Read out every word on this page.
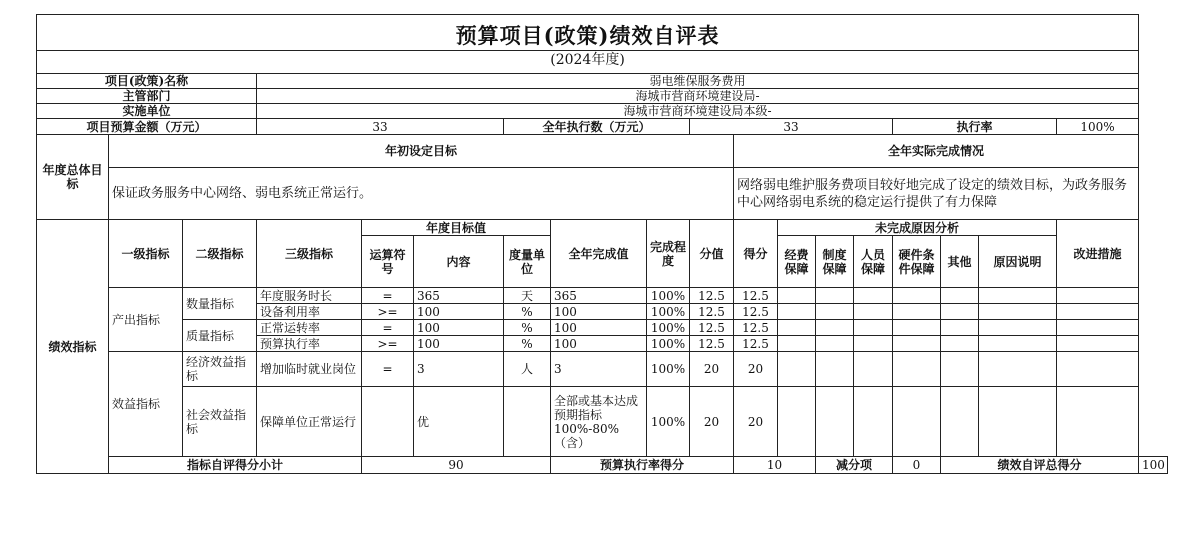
预算项目(政策)绩效自评表																		
(2024年度)																		
项目(政策)名称			弱电维保服务费用															
主管部门			海城市营商环境建设局-															
实施单位			海城市营商环境建设局本级-															
项目预算金额（万元）			33			全年执行数（万元）			33					执行率			100%	
年度总体目标	年初设定目标									全年实际完成情况								
	保证政务服务中心网络、弱电系统正常运行。									网络弱电维护服务费项目较好地完成了设定的绩效目标，为政务服务中心网络弱电系统的稳定运行提供了有力保障								
绩效指标	一级指标	二级指标	三级指标	年度目标值			全年完成值	完成程度	分值	得分	未完成原因分析						改进措施	
				运算符号	内容	度量单位					经费保障	制度保障	人员保障	硬件条件保障	其他	原因说明		
	产出指标	数量指标	年度服务时长	=	365	天	365	100%	12.5	12.5								
			设备利用率	>=	100	%	100	100%	12.5	12.5								
		质量指标	正常运转率	=	100	%	100	100%	12.5	12.5								
			预算执行率	>=	100	%	100	100%	12.5	12.5								
	效益指标	经济效益指标	增加临时就业岗位	=	3	人	3	100%	20	20								
		社会效益指标	保障单位正常运行		优		全部或基本达成预期指标100%-80%（含）	100%	20	20								
	指标自评得分小计			90			预算执行率得分			10		减分项		0	绩效自评总得分			100
